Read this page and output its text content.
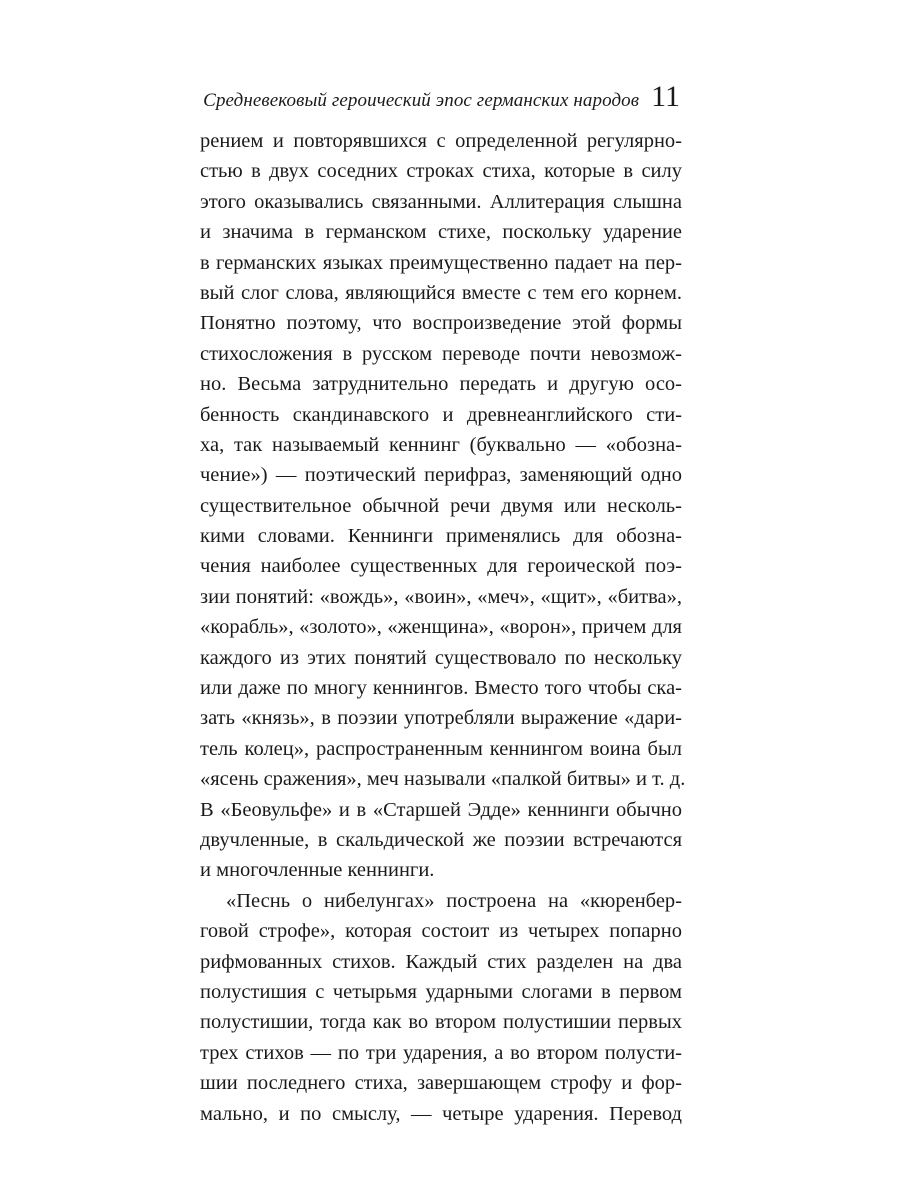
Средневековый героический эпос германских народов 11
рением и повторявшихся с определенной регулярно-
стью в двух соседних строках стиха, которые в силу
этого оказывались связанными. Аллитерация слышна
и значима в германском стихе, поскольку ударение
в германских языках преимущественно падает на пер-
вый слог слова, являющийся вместе с тем его корнем.
Понятно поэтому, что воспроизведение этой формы
стихосложения в русском переводе почти невозмож-
но. Весьма затруднительно передать и другую осо-
бенность скандинавского и древнеанглийского сти-
ха, так называемый кеннинг (буквально — «обозна-
чение») — поэтический перифраз, заменяющий одно
существительное обычной речи двумя или несколь-
кими словами. Кеннинги применялись для обозна-
чения наиболее существенных для героической поэ-
зии понятий: «вождь», «воин», «меч», «щит», «битва»,
«корабль», «золото», «женщина», «ворон», причем для
каждого из этих понятий существовало по нескольку
или даже по многу кеннингов. Вместо того чтобы ска-
зать «князь», в поэзии употребляли выражение «дари-
тель колец», распространенным кеннингом воина был
«ясень сражения», меч называли «палкой битвы» и т. д.
В «Беовульфе» и в «Старшей Эдде» кеннинги обычно
двучленные, в скальдической же поэзии встречаются
и многочленные кеннинги.
«Песнь о нибелунгах» построена на «кюренбер-
говой строфе», которая состоит из четырех попарно
рифмованных стихов. Каждый стих разделен на два
полустишия с четырьмя ударными слогами в первом
полустишии, тогда как во втором полустишии первых
трех стихов — по три ударения, а во втором полусти-
шии последнего стиха, завершающем строфу и фор-
мально, и по смыслу, — четыре ударения. Перевод
